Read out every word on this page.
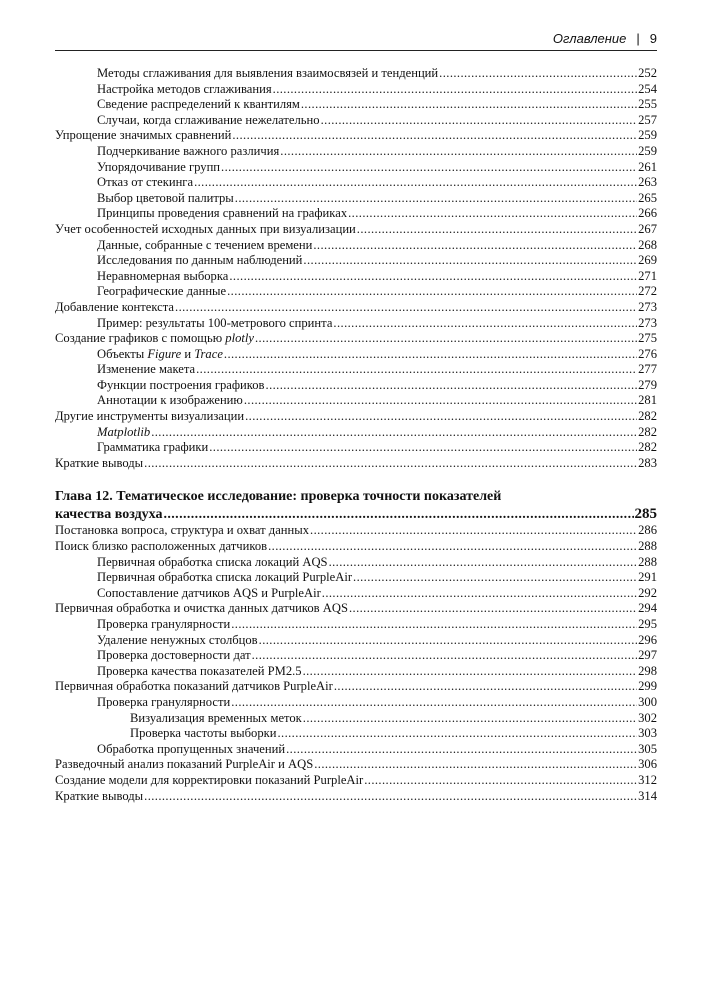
Оглавление | 9
Методы сглаживания для выявления взаимосвязей и тенденций .....	252
Настройка методов сглаживания .....	254
Сведение распределений к квантилям .....	255
Случаи, когда сглаживание нежелательно .....	257
Упрощение значимых сравнений .....	259
Подчеркивание важного различия .....	259
Упорядочивание групп .....	261
Отказ от стекинга .....	263
Выбор цветовой палитры .....	265
Принципы проведения сравнений на графиках .....	266
Учет особенностей исходных данных при визуализации .....	267
Данные, собранные с течением времени .....	268
Исследования по данным наблюдений .....	269
Неравномерная выборка .....	271
Географические данные .....	272
Добавление контекста .....	273
Пример: результаты 100-метрового спринта .....	273
Создание графиков с помощью plotly .....	275
Объекты Figure и Trace .....	276
Изменение макета .....	277
Функции построения графиков .....	279
Аннотации к изображению .....	281
Другие инструменты визуализации .....	282
Matplotlib .....	282
Грамматика графики .....	282
Краткие выводы .....	283
Глава 12. Тематическое исследование: проверка точности показателей
качества воздуха .....	285
Постановка вопроса, структура и охват данных .....	286
Поиск близко расположенных датчиков .....	288
Первичная обработка списка локаций AQS .....	288
Первичная обработка списка локаций PurpleAir .....	291
Сопоставление датчиков AQS и PurpleAir .....	292
Первичная обработка и очистка данных датчиков AQS .....	294
Проверка гранулярности .....	295
Удаление ненужных столбцов .....	296
Проверка достоверности дат .....	297
Проверка качества показателей PM2.5 .....	298
Первичная обработка показаний датчиков PurpleAir .....	299
Проверка гранулярности .....	300
Визуализация временных меток .....	302
Проверка частоты выборки .....	303
Обработка пропущенных значений .....	305
Разведочный анализ показаний PurpleAir и AQS .....	306
Создание модели для корректировки показаний PurpleAir .....	312
Краткие выводы .....	314
